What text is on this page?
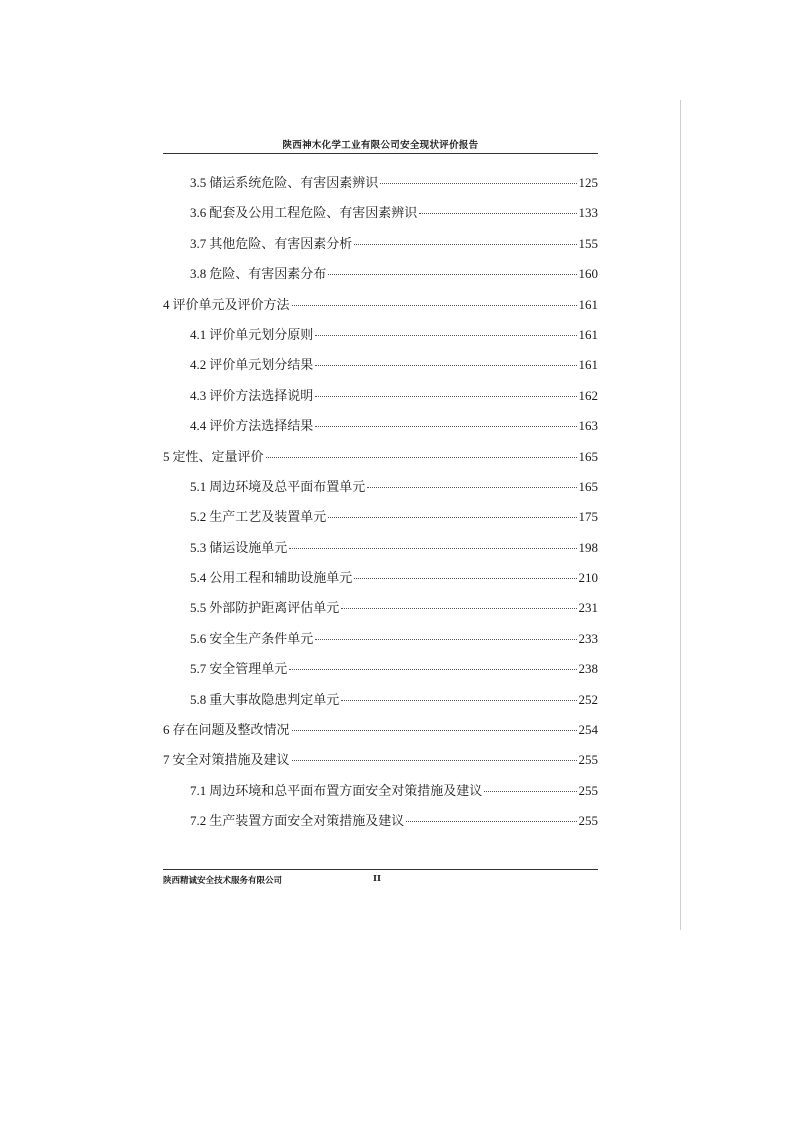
陕西神木化学工业有限公司安全现状评价报告
3.5 储运系统危险、有害因素辨识	125
3.6 配套及公用工程危险、有害因素辨识	133
3.7 其他危险、有害因素分析	155
3.8 危险、有害因素分布	160
4 评价单元及评价方法	161
4.1 评价单元划分原则	161
4.2 评价单元划分结果	161
4.3 评价方法选择说明	162
4.4 评价方法选择结果	163
5 定性、定量评价	165
5.1 周边环境及总平面布置单元	165
5.2 生产工艺及装置单元	175
5.3 储运设施单元	198
5.4 公用工程和辅助设施单元	210
5.5 外部防护距离评估单元	231
5.6 安全生产条件单元	233
5.7 安全管理单元	238
5.8 重大事故隐患判定单元	252
6 存在问题及整改情况	254
7 安全对策措施及建议	255
7.1 周边环境和总平面布置方面安全对策措施及建议	255
7.2 生产装置方面安全对策措施及建议	255
陕西精诚安全技术服务有限公司	II
